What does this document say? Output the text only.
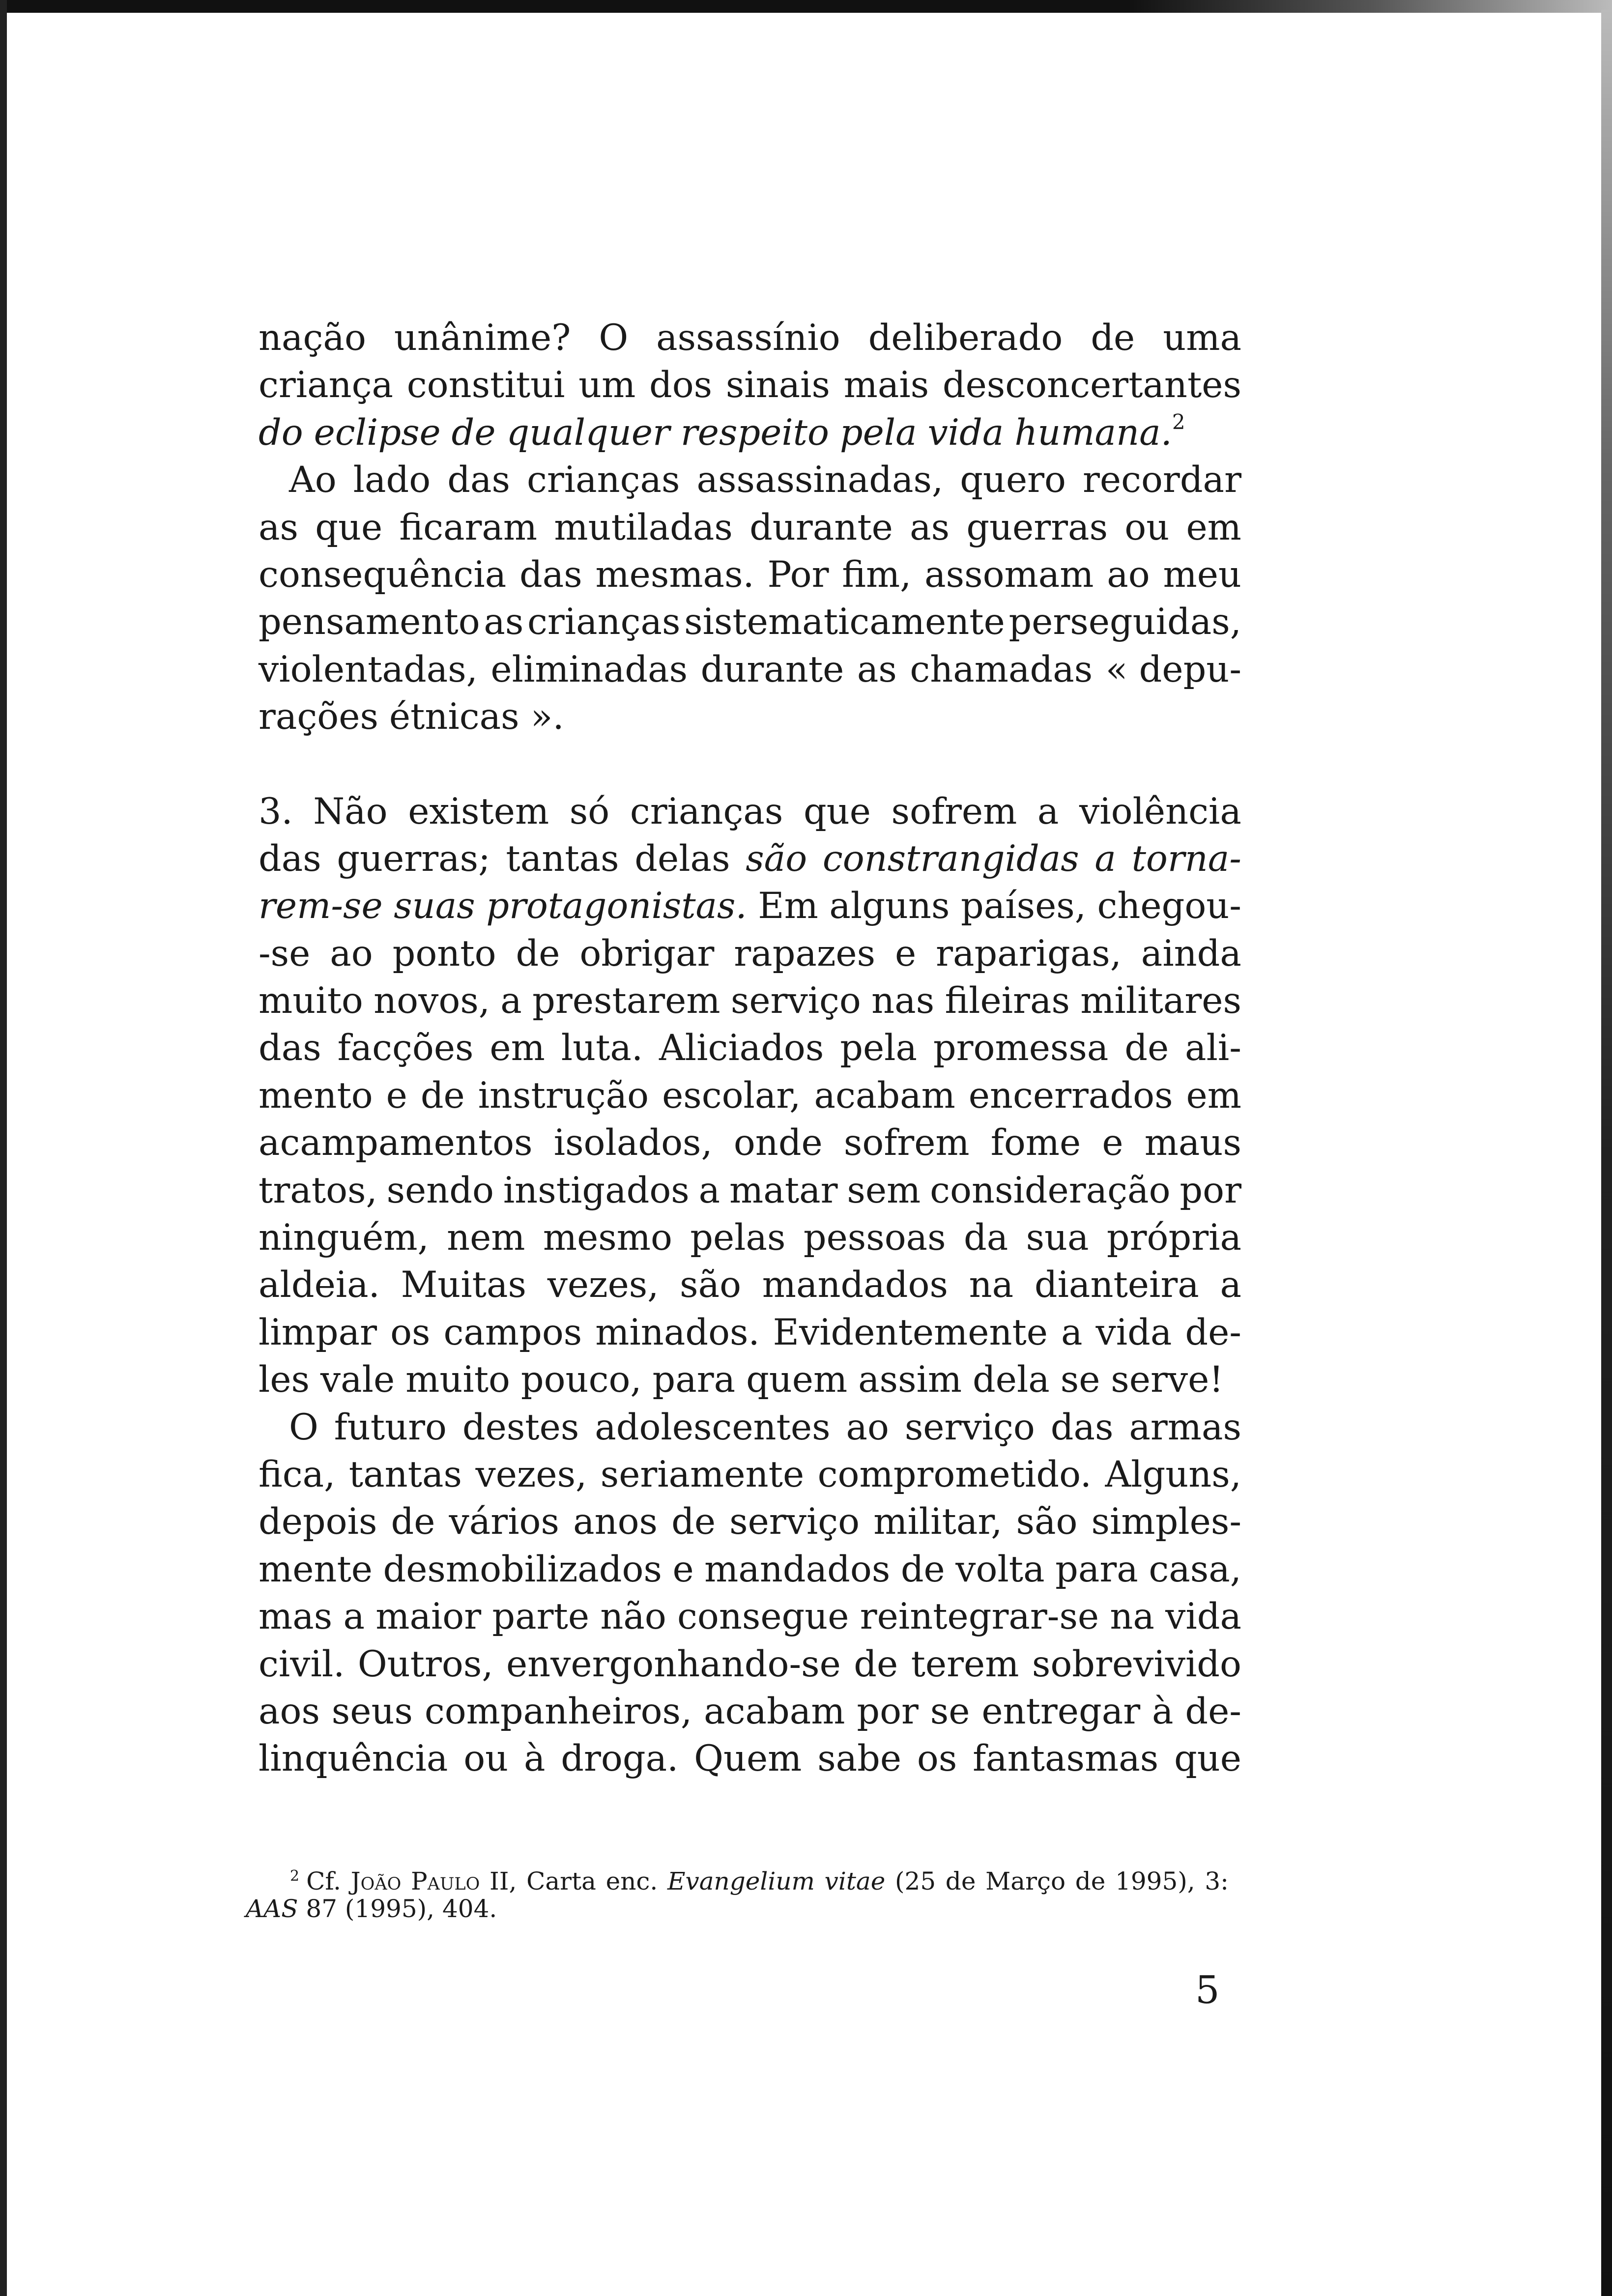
nação unânime? O assassínio deliberado de uma
criança constitui um dos sinais mais desconcertantes
do eclipse de qualquer respeito pela vida humana.$^2$
Ao lado das crianças assassinadas, quero recordar
as que ficaram mutiladas durante as guerras ou em
consequência das mesmas. Por fim, assomam ao meu
pensamento as crianças sistematicamente perseguidas,
violentadas, eliminadas durante as chamadas « depu-
rações étnicas ».
3. Não existem só crianças que sofrem a violência
das guerras; tantas delas são constrangidas a torna-
rem-se suas protagonistas. Em alguns países, chegou-
-se ao ponto de obrigar rapazes e raparigas, ainda
muito novos, a prestarem serviço nas fileiras militares
das facções em luta. Aliciados pela promessa de ali-
mento e de instrução escolar, acabam encerrados em
acampamentos isolados, onde sofrem fome e maus
tratos, sendo instigados a matar sem consideração por
ninguém, nem mesmo pelas pessoas da sua própria
aldeia. Muitas vezes, são mandados na dianteira a
limpar os campos minados. Evidentemente a vida de-
les vale muito pouco, para quem assim dela se serve!
O futuro destes adolescentes ao serviço das armas
fica, tantas vezes, seriamente comprometido. Alguns,
depois de vários anos de serviço militar, são simples-
mente desmobilizados e mandados de volta para casa,
mas a maior parte não consegue reintegrar-se na vida
civil. Outros, envergonhando-se de terem sobrevivido
aos seus companheiros, acabam por se entregar à de-
linquência ou à droga. Quem sabe os fantasmas que
$^2$ Cf. João Paulo II, Carta enc. Evangelium vitae (25 de Março de 1995), 3: AAS 87 (1995), 404.
5
